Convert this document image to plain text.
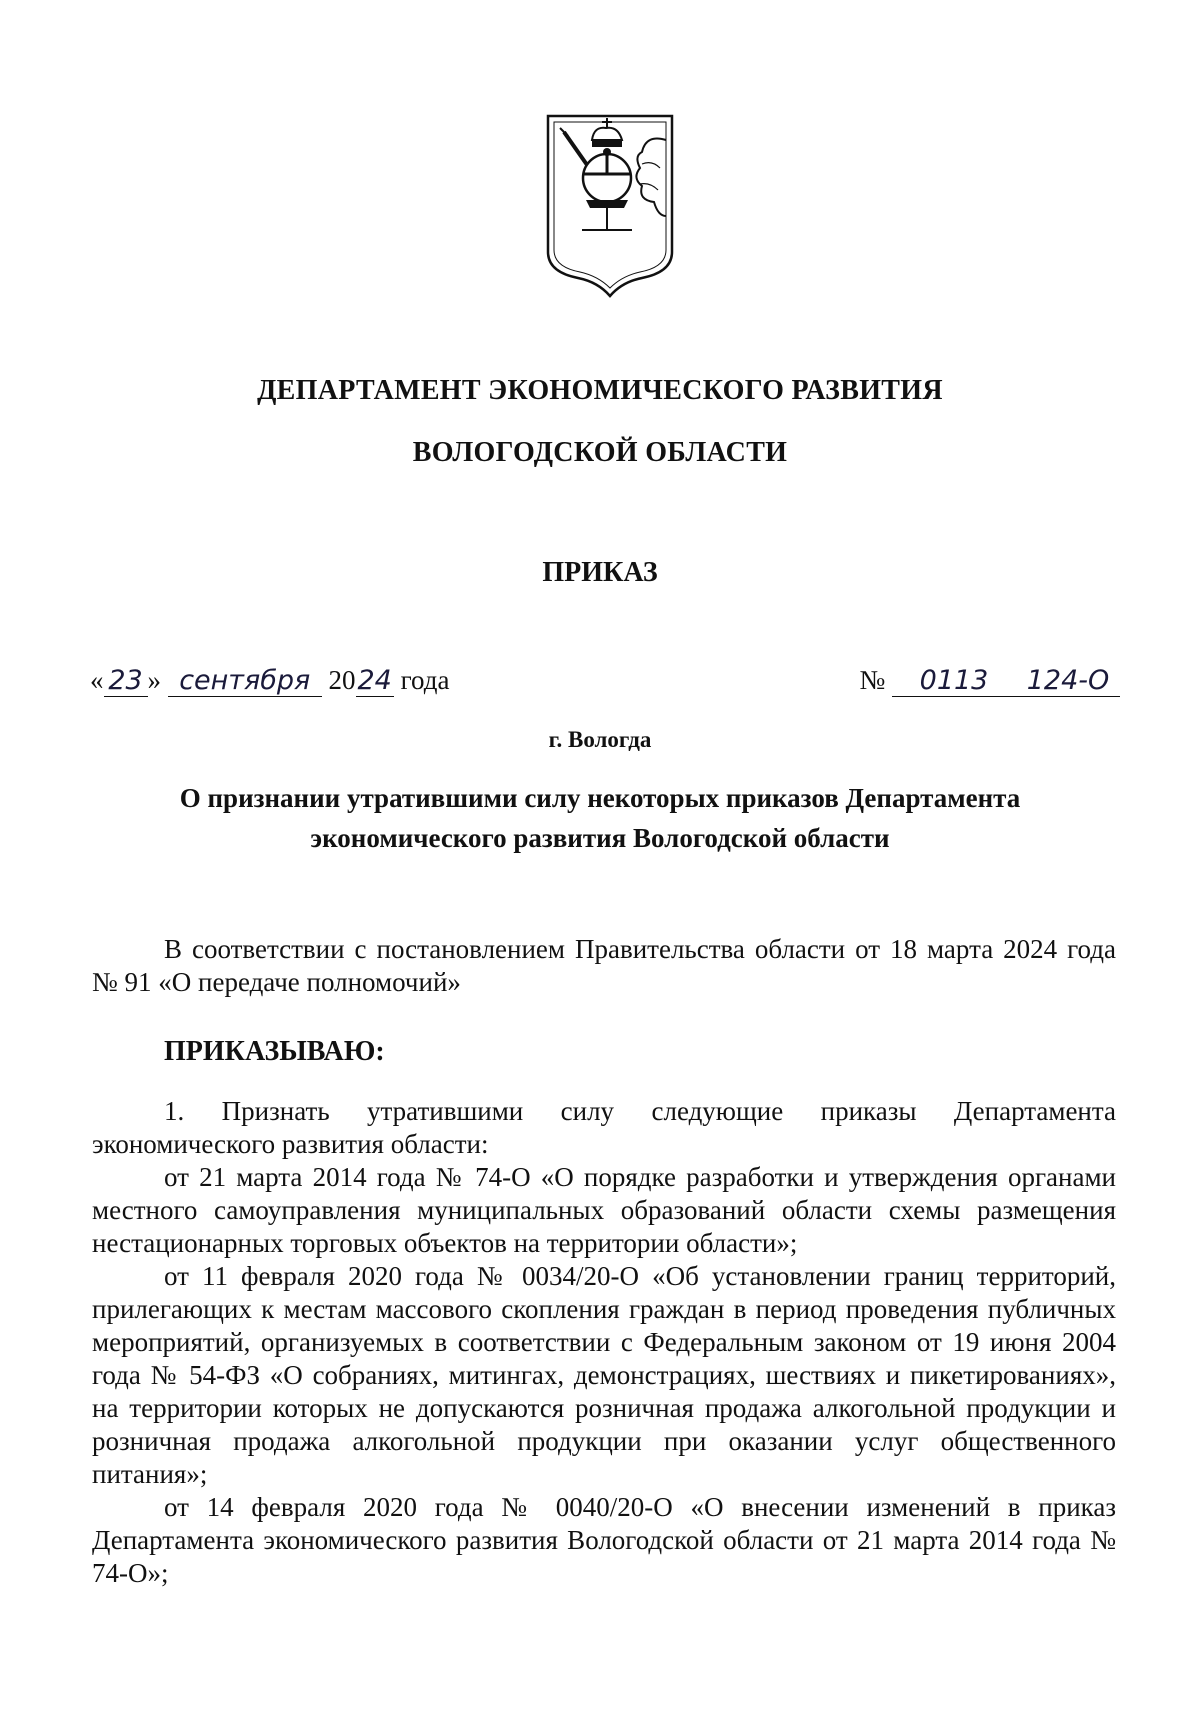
ДЕПАРТАМЕНТ ЭКОНОМИЧЕСКОГО РАЗВИТИЯ
ВОЛОГОДСКОЙ ОБЛАСТИ
ПРИКАЗ
« 23 » сентября 2024 года	№ 0113 124-О
г. Вологда
О признании утратившими силу некоторых приказов Департамента
экономического развития Вологодской области

В соответствии с постановлением Правительства области от 18 марта 2024 года № 91 «О передаче полномочий»

ПРИКАЗЫВАЮ:

1. Признать утратившими силу следующие приказы Департамента экономического развития области:

от 21 марта 2014 года № 74-О «О порядке разработки и утверждения органами местного самоуправления муниципальных образований области схемы размещения нестационарных торговых объектов на территории области»;

от 11 февраля 2020 года № 0034/20-О «Об установлении границ территорий, прилегающих к местам массового скопления граждан в период проведения публичных мероприятий, организуемых в соответствии с Федеральным законом от 19 июня 2004 года № 54-ФЗ «О собраниях, митингах, демонстрациях, шествиях и пикетированиях», на территории которых не допускаются розничная продажа алкогольной продукции и розничная продажа алкогольной продукции при оказании услуг общественного питания»;

от 14 февраля 2020 года № 0040/20-О «О внесении изменений в приказ Департамента экономического развития Вологодской области от 21 марта 2014 года № 74-О»;
